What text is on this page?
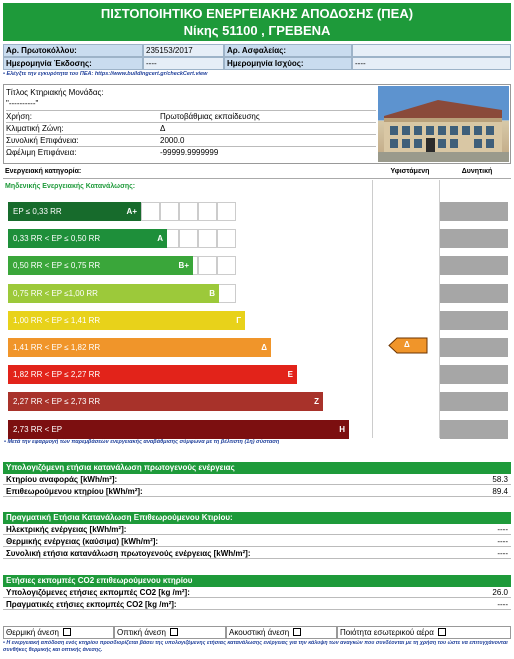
ΠΙΣΤΟΠΟΙΗΤΙΚΟ ΕΝΕΡΓΕΙΑΚΗΣ ΑΠΟΔΟΣΗΣ (ΠΕΑ)
Νίκης 51100 , ΓΡΕΒΕΝΑ
Αρ. Πρωτοκόλλου:	235153/2017	Αρ. Ασφαλείας:
Ημερομηνία Έκδοσης:	----	Ημερομηνία Ισχύος:	----
• Ελέγξτε την εγκυρότητα του ΠΕΑ: https://www.buildingcert.gr/checkCert.view
Τίτλος Κτηριακής Μονάδας:
"----------"
Χρήση:	Πρωτοβάθμιας εκπαίδευσης
Κλιματική Ζώνη:	Δ
Συνολική Επιφάνεια:	2000.0
Ωφέλιμη Επιφάνεια:	-99999.9999999
Ενεργειακή κατηγορία:	Υφιστάμενη	Δυνητική
Μηδενικής Ενεργειακής Κατανάλωσης:
EP ≤ 0,33 RR	A+
0,33 RR < EP ≤ 0,50 RR	A
0,50 RR < EP ≤ 0,75 RR	B+
0,75 RR < EP ≤1,00 RR	B
1,00 RR < EP ≤ 1,41 RR	Γ
1,41 RR < EP ≤ 1,82 RR	Δ
1,82 RR < EP ≤ 2,27 RR	Ε
2,27 RR < EP ≤ 2,73 RR	Ζ
2,73 RR < EP	Η
Δ
• Μετά την εφαρμογή των παρεμβάσεων ενεργειακής αναβάθμισης σύμφωνα με τη βέλτιστη (1η) σύσταση
Υπολογιζόμενη ετήσια κατανάλωση πρωτογενούς ενέργειας
Κτηρίου αναφοράς [kWh/m²]:	58.3
Επιθεωρούμενου κτηρίου [kWh/m²]:	89.4
Πραγματική Ετήσια Κατανάλωση Επιθεωρούμενου Κτιρίου:
Ηλεκτρικής ενέργειας [kWh/m²]:	----
Θερμικής ενέργειας (καύσιμα) [kWh/m²]:	----
Συνολική ετήσια κατανάλωση πρωτογενούς ενέργειας [kWh/m²]:	----
Ετήσιες εκπομπές CO2 επιθεωρούμενου κτηρίου
Υπολογιζόμενες ετήσιες εκπομπές CO2 [kg /m²]:	26.0
Πραγματικές ετήσιες εκπομπές CO2 [kg /m²]:	----
Θερμική άνεση	Οπτική άνεση	Ακουστική άνεση	Ποιότητα εσωτερικού αέρα
• Η ενεργειακή απόδοση ενός κτηρίου προσδιορίζεται βάσει της υπολογιζόμενης ετήσιας κατανάλωσης ενέργειας για την κάλυψη των αναγκών που συνδέονται με τη χρήση του ώστε να επιτυγχάνονται συνθήκες θερμικής και οπτικής άνεσης.
